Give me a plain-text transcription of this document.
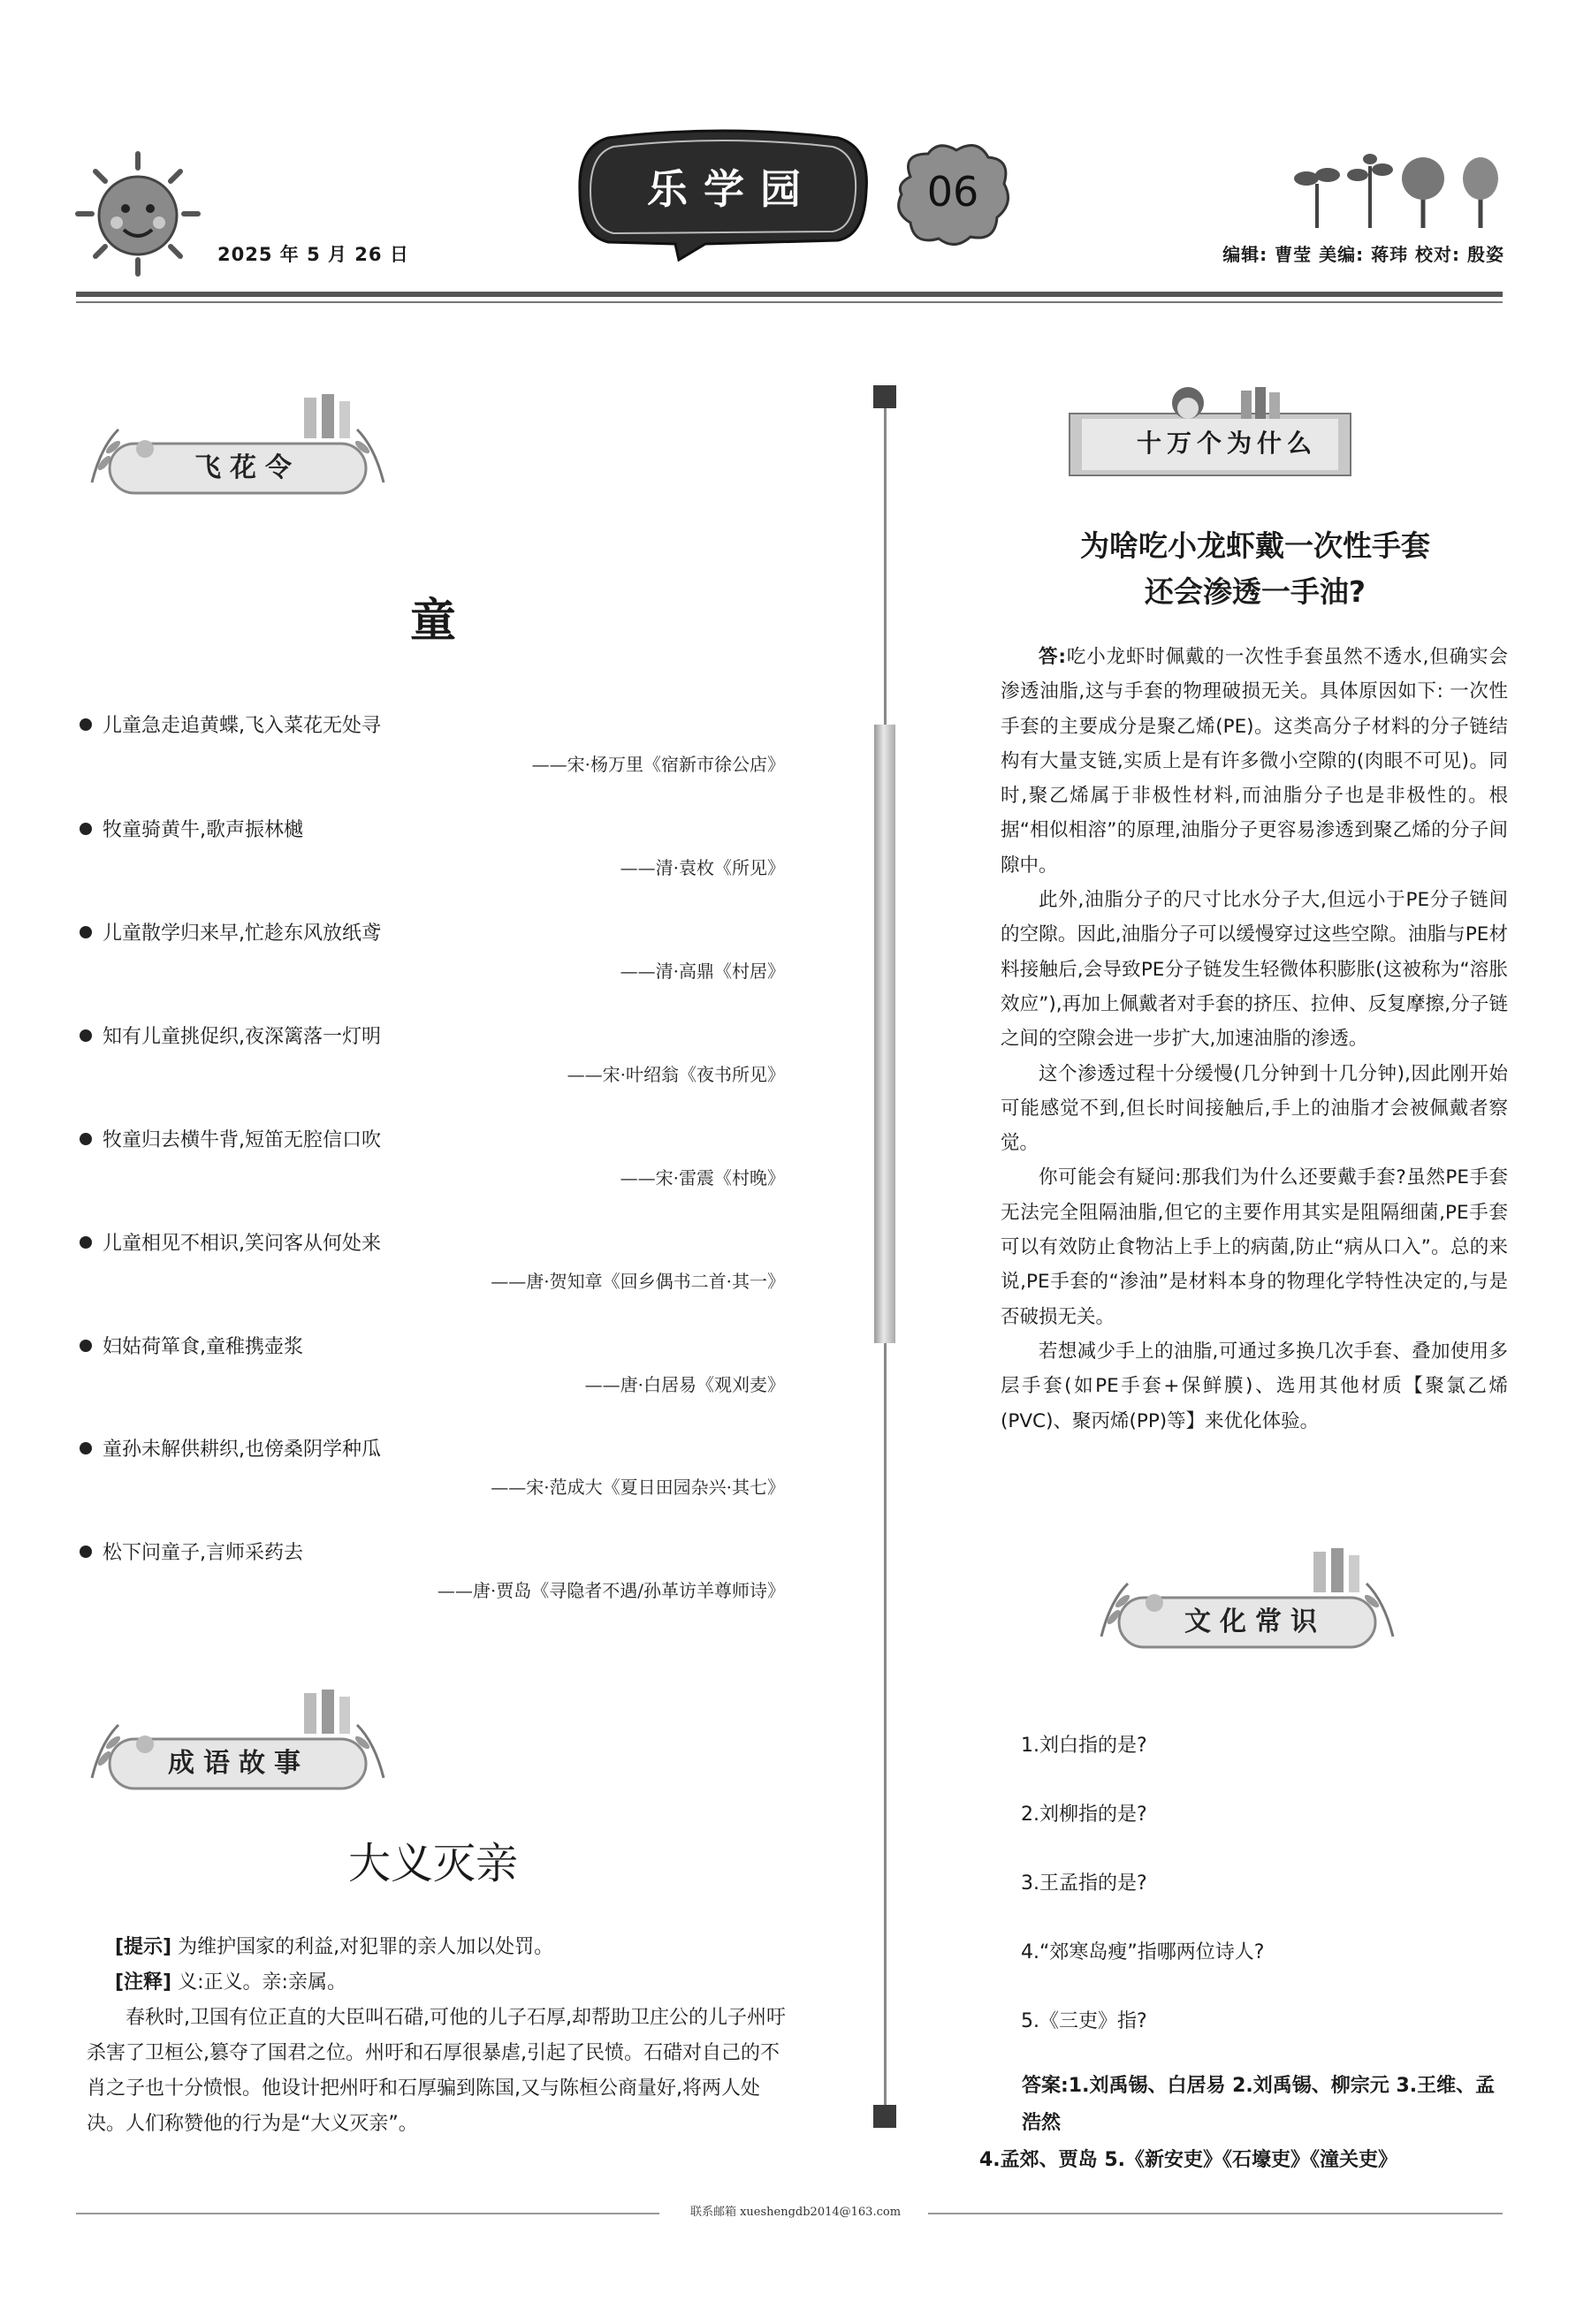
2025 年 5 月 26 日
乐学园	06
编辑: 曹莹 美编: 蒋玮 校对: 殷姿
飞花令
童
儿童急走追黄蝶,飞入菜花无处寻
——宋·杨万里《宿新市徐公店》
牧童骑黄牛,歌声振林樾
——清·袁枚《所见》
儿童散学归来早,忙趁东风放纸鸢
——清·高鼎《村居》
知有儿童挑促织,夜深篱落一灯明
——宋·叶绍翁《夜书所见》
牧童归去横牛背,短笛无腔信口吹
——宋·雷震《村晚》
儿童相见不相识,笑问客从何处来
——唐·贺知章《回乡偶书二首·其一》
妇姑荷箪食,童稚携壶浆
——唐·白居易《观刈麦》
童孙未解供耕织,也傍桑阴学种瓜
——宋·范成大《夏日田园杂兴·其七》
松下问童子,言师采药去
——唐·贾岛《寻隐者不遇/孙革访羊尊师诗》
成语故事
大义灭亲

[提示] 为维护国家的利益,对犯罪的亲人加以处罚。

[注释] 义:正义。亲:亲属。

春秋时,卫国有位正直的大臣叫石碏,可他的儿子石厚,却帮助卫庄公的儿子州吁杀害了卫桓公,篡夺了国君之位。州吁和石厚很暴虐,引起了民愤。石碏对自己的不肖之子也十分愤恨。他设计把州吁和石厚骗到陈国,又与陈桓公商量好,将两人处决。人们称赞他的行为是“大义灭亲”。

十万个为什么
为啥吃小龙虾戴一次性手套
还会渗透一手油?

答:吃小龙虾时佩戴的一次性手套虽然不透水,但确实会渗透油脂,这与手套的物理破损无关。具体原因如下: 一次性手套的主要成分是聚乙烯(PE)。这类高分子材料的分子链结构有大量支链,实质上是有许多微小空隙的(肉眼不可见)。同时,聚乙烯属于非极性材料,而油脂分子也是非极性的。根据“相似相溶”的原理,油脂分子更容易渗透到聚乙烯的分子间隙中。

此外,油脂分子的尺寸比水分子大,但远小于PE分子链间的空隙。因此,油脂分子可以缓慢穿过这些空隙。油脂与PE材料接触后,会导致PE分子链发生轻微体积膨胀(这被称为“溶胀效应”),再加上佩戴者对手套的挤压、拉伸、反复摩擦,分子链之间的空隙会进一步扩大,加速油脂的渗透。

这个渗透过程十分缓慢(几分钟到十几分钟),因此刚开始可能感觉不到,但长时间接触后,手上的油脂才会被佩戴者察觉。

你可能会有疑问:那我们为什么还要戴手套?虽然PE手套无法完全阻隔油脂,但它的主要作用其实是阻隔细菌,PE手套可以有效防止食物沾上手上的病菌,防止“病从口入”。总的来说,PE手套的“渗油”是材料本身的物理化学特性决定的,与是否破损无关。

若想减少手上的油脂,可通过多换几次手套、叠加使用多层手套(如PE手套+保鲜膜)、选用其他材质【聚氯乙烯(PVC)、聚丙烯(PP)等】来优化体验。

文化常识
1.刘白指的是?
2.刘柳指的是?
3.王孟指的是?
4.“郊寒岛瘦”指哪两位诗人?
5.《三吏》指?
答案:1.刘禹锡、白居易 2.刘禹锡、柳宗元 3.王维、孟浩然
4.孟郊、贾岛 5.《新安吏》《石壕吏》《潼关吏》
联系邮箱 xueshengdb2014@163.com
